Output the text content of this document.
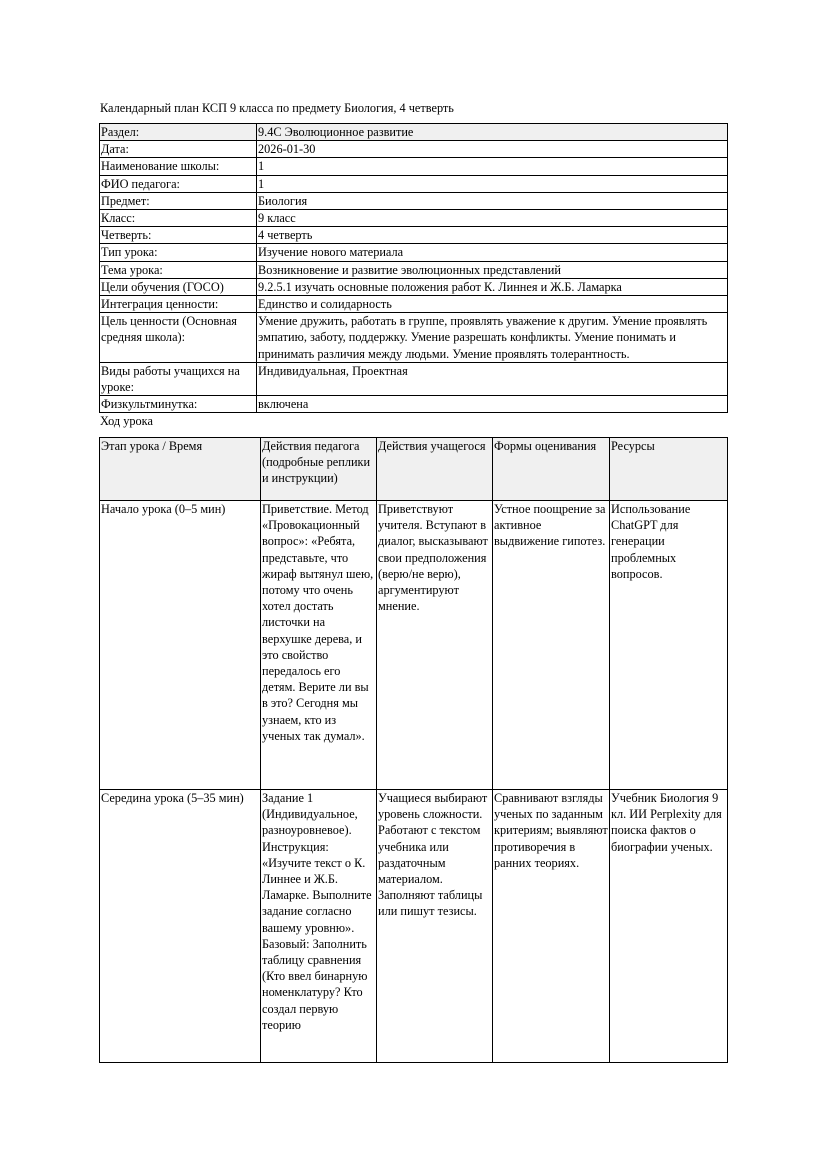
Календарный план КСП 9 класса по предмету Биология, 4 четверть
Раздел:	9.4С Эволюционное развитие
Дата:	2026-01-30
Наименование школы:	1
ФИО педагога:	1
Предмет:	Биология
Класс:	9 класс
Четверть:	4 четверть
Тип урока:	Изучение нового материала
Тема урока:	Возникновение и развитие эволюционных представлений
Цели обучения (ГОСО)	9.2.5.1 изучать основные положения работ К. Линнея и Ж.Б. Ламарка
Интеграция ценности:	Единство и солидарность
Цель ценности (Основная средняя школа):	Умение дружить, работать в группе, проявлять уважение к другим. Умение проявлять эмпатию, заботу, поддержку. Умение разрешать конфликты. Умение понимать и принимать различия между людьми. Умение проявлять толерантность.
Виды работы учащихся на уроке:	Индивидуальная, Проектная
Физкультминутка:	включена
Ход урока
Этап урока / Время	Действия педагога (подробные реплики и инструкции)	Действия учащегося	Формы оценивания	Ресурсы
Начало урока (0–5 мин)	Приветствие. Метод «Провокационный вопрос»: «Ребята, представьте, что жираф вытянул шею, потому что очень хотел достать листочки на верхушке дерева, и это свойство передалось его детям. Верите ли вы в это? Сегодня мы узнаем, кто из ученых так думал».	Приветствуют учителя. Вступают в диалог, высказывают свои предположения (верю/не верю), аргументируют мнение.	Устное поощрение за активное выдвижение гипотез.	Использование ChatGPT для генерации проблемных вопросов.
Середина урока (5–35 мин)	Задание 1 (Индивидуальное, разноуровневое). Инструкция: «Изучите текст о К. Линнее и Ж.Б. Ламарке. Выполните задание согласно вашему уровню». Базовый: Заполнить таблицу сравнения (Кто ввел бинарную номенклатуру? Кто создал первую теорию	Учащиеся выбирают уровень сложности. Работают с текстом учебника или раздаточным материалом. Заполняют таблицы или пишут тезисы.	Сравнивают взгляды ученых по заданным критериям; выявляют противоречия в ранних теориях.	Учебник Биология 9 кл. ИИ Perplexity для поиска фактов о биографии ученых.
